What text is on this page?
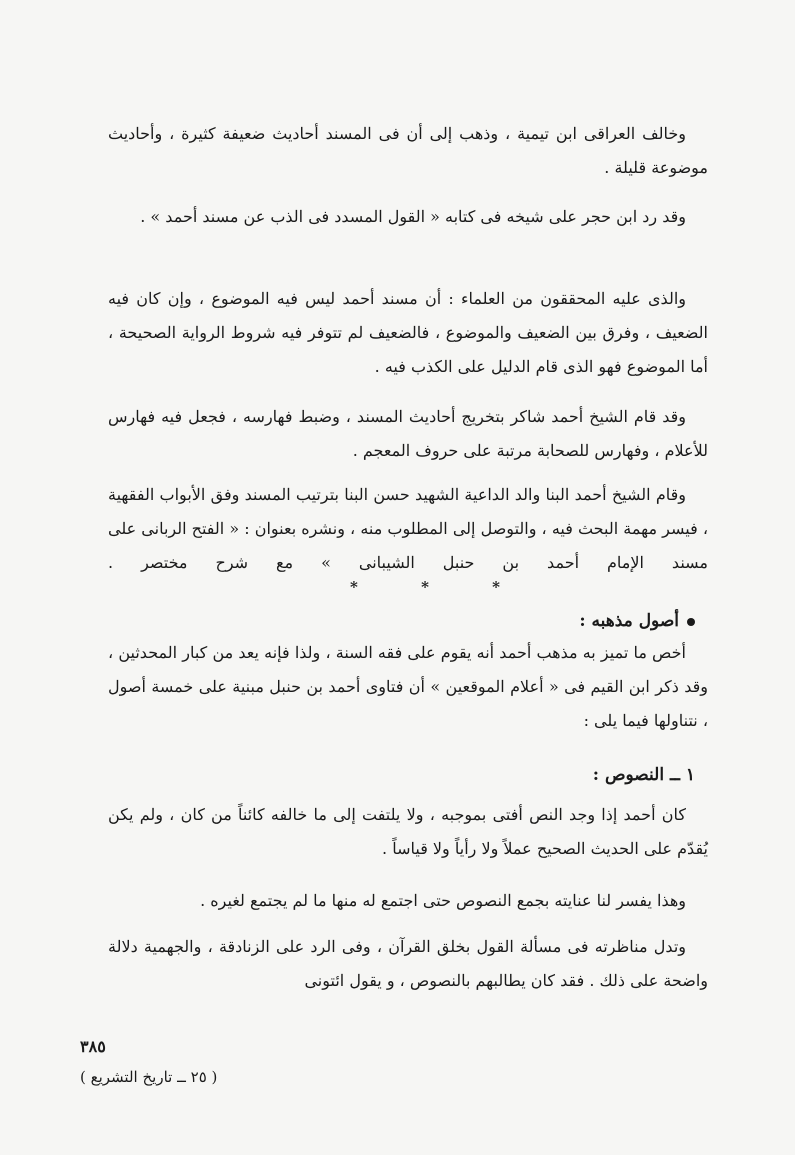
وخالف العراقى ابن تيمية ، وذهب إلى أن فى المسند أحاديث ضعيفة كثيرة ، وأحاديث موضوعة قليلة .

وقد رد ابن حجر على شيخه فى كتابه « القول المسدد فى الذب عن مسند أحمد » .

والذى عليه المحققون من العلماء : أن مسند أحمد ليس فيه الموضوع ، وإن كان فيه الضعيف ، وفرق بين الضعيف والموضوع ، فالضعيف لم تتوفر فيه شروط الرواية الصحيحة ، أما الموضوع فهو الذى قام الدليل على الكذب فيه .

وقد قام الشيخ أحمد شاكر بتخريج أحاديث المسند ، وضبط فهارسه ، فجعل فيه فهارس للأعلام ، وفهارس للصحابة مرتبة على حروف المعجم .

وقام الشيخ أحمد البنا والد الداعية الشهيد حسن البنا بترتيب المسند وفق الأبواب الفقهية ، فيسر مهمة البحث فيه ، والتوصل إلى المطلوب منه ، ونشره بعنوان : « الفتح الربانى على مسند الإمام أحمد بن حنبل الشيبانى » مع شرح مختصر .

*
*
*
أصول مذهبه :

أخص ما تميز به مذهب أحمد أنه يقوم على فقه السنة ، ولذا فإنه يعد من كبار المحدثين ، وقد ذكر ابن القيم فى « أعلام الموقعين » أن فتاوى أحمد بن حنبل مبنية على خمسة أصول ، نتناولها فيما يلى :

١ ــ النصوص :

كان أحمد إذا وجد النص أفتى بموجبه ، ولا يلتفت إلى ما خالفه كائناً من كان ، ولم يكن يُقدّم على الحديث الصحيح عملاً ولا رأياً ولا قياساً .

وهذا يفسر لنا عنايته بجمع النصوص حتى اجتمع له منها ما لم يجتمع لغيره .

وتدل مناظرته فى مسألة القول بخلق القرآن ، وفى الرد على الزنادقة ، والجهمية دلالة واضحة على ذلك . فقد كان يطالبهم بالنصوص ، و يقول ائتونى

٣٨٥
( ٢٥ ــ تاريخ التشريع )
